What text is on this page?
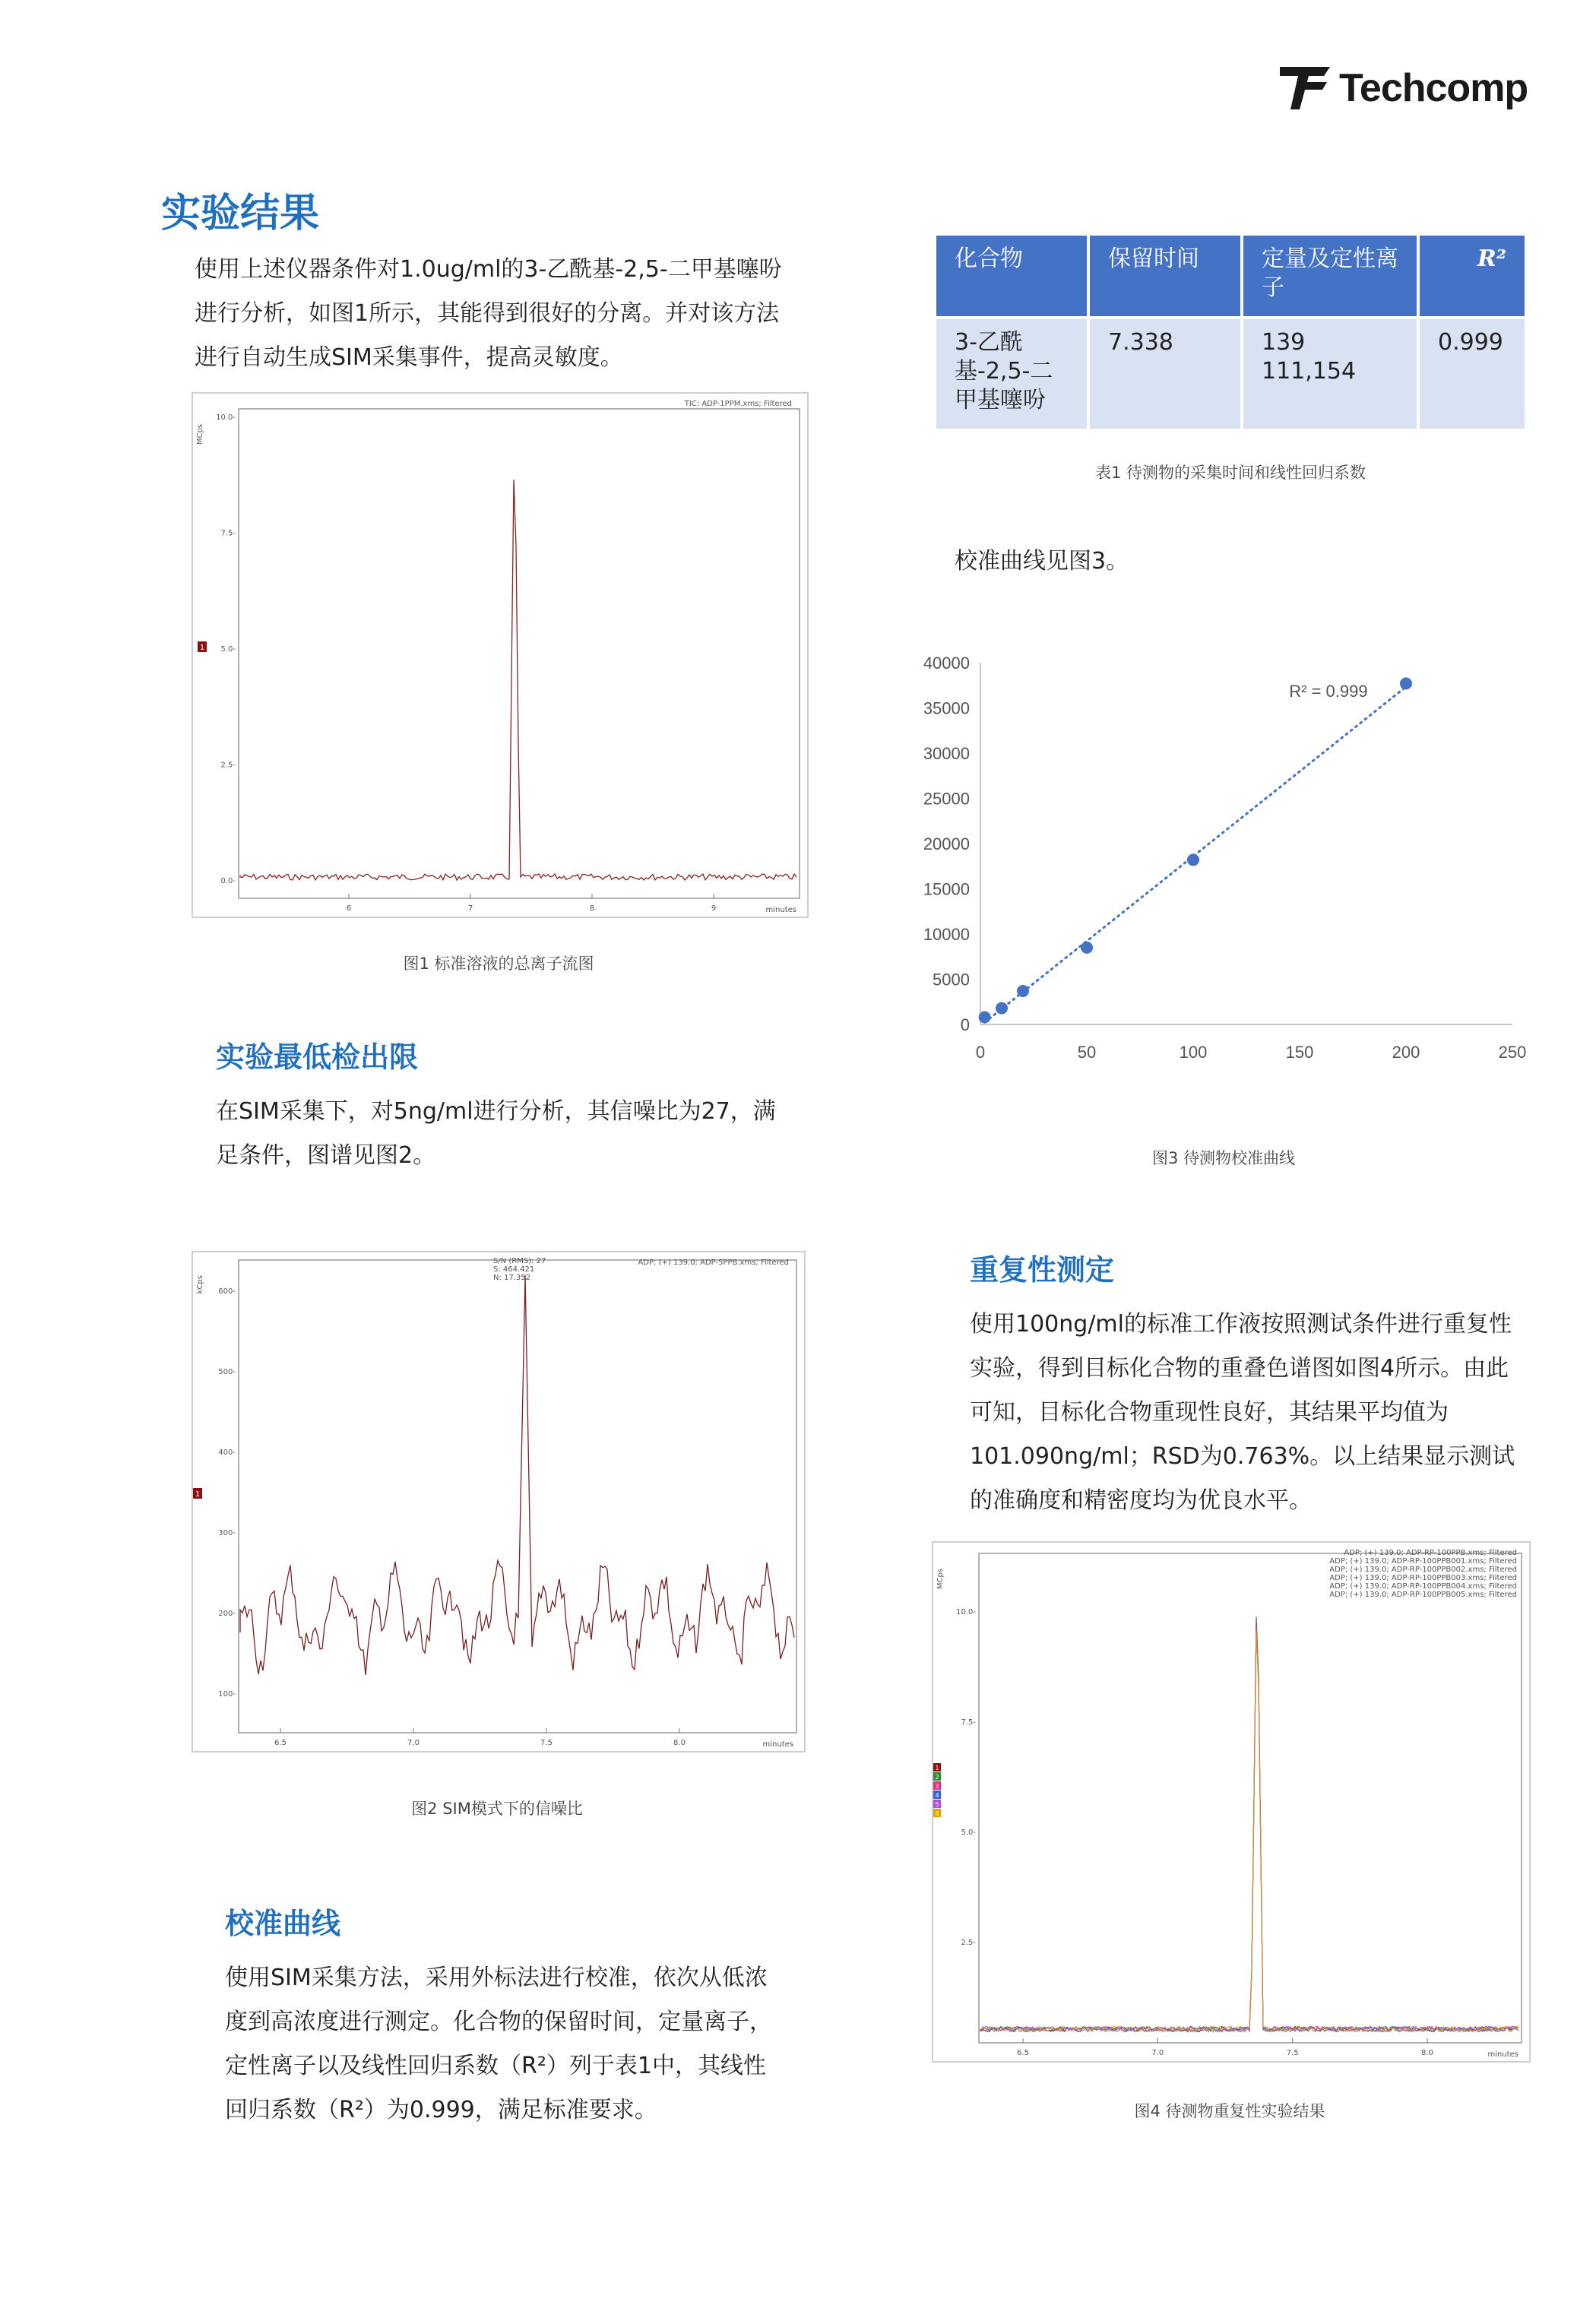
Techcomp
实验结果
使用上述仪器条件对1.0ug/ml的3-乙酰基-2,5-二甲基噻吩进行分析，如图1所示，其能得到很好的分离。并对该方法进行自动生成SIM采集事件，提高灵敏度。
MCps
minutes
10.0-
7.5-
5.0-
2.5-
0.0-
6	7	8	9
TIC: ADP-1PPM.xms; Filtered
1
图1 标准溶液的总离子流图
实验最低检出限
在SIM采集下，对5ng/ml进行分析，其信噪比为27，满足条件，图谱见图2。
kCps
minutes
600-
500-
400-
300-
200-
100-
6.5	7.0	7.5	8.0
ADP; (+) 139.0; ADP-5PPB.xms; Filtered
S/N (RMS): 27
S: 464.421
N: 17.352
1
图2 SIM模式下的信噪比
校准曲线
使用SIM采集方法，采用外标法进行校准，依次从低浓度到高浓度进行测定。化合物的保留时间，定量离子，定性离子以及线性回归系数（R²）列于表1中，其线性回归系数（R²）为0.999，满足标准要求。
化合物	保留时间	定量及定性离子	R²
3-乙酰基-2,5-二甲基噻吩	7.338	139 111,154	0.999
表1 待测物的采集时间和线性回归系数
校准曲线见图3。
0
5000
10000
15000
20000
25000
30000
35000
40000
0	50	100	150	200	250
R² = 0.999
图3 待测物校准曲线
重复性测定
使用100ng/ml的标准工作液按照测试条件进行重复性实验，得到目标化合物的重叠色谱图如图4所示。由此可知，目标化合物重现性良好，其结果平均值为101.090ng/ml；RSD为0.763%。以上结果显示测试的准确度和精密度均为优良水平。
MCps
minutes
10.0-
7.5-
5.0-
2.5-
6.5	7.0	7.5	8.0
ADP; (+) 139.0; ADP-RP-100PPB.xms; Filtered
ADP; (+) 139.0; ADP-RP-100PPB001.xms; Filtered
ADP; (+) 139.0; ADP-RP-100PPB002.xms; Filtered
ADP; (+) 139.0; ADP-RP-100PPB003.xms; Filtered
ADP; (+) 139.0; ADP-RP-100PPB004.xms; Filtered
ADP; (+) 139.0; ADP-RP-100PPB005.xms; Filtered
1
2
3
4
5
6
图4 待测物重复性实验结果
